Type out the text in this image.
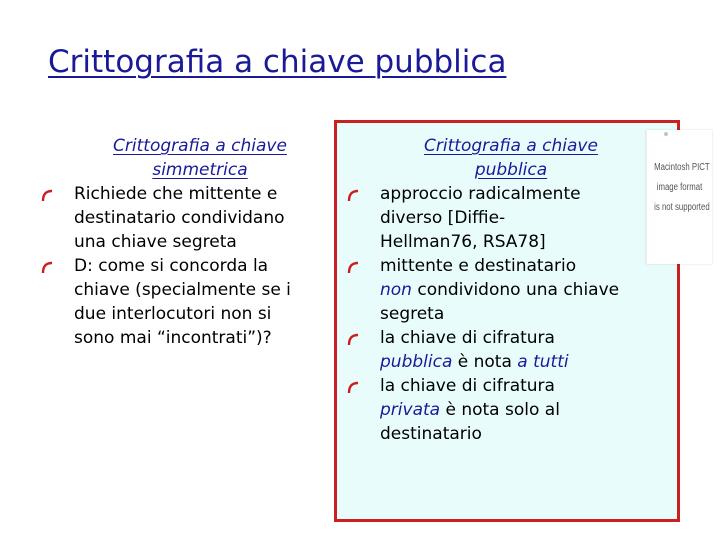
Crittografia a chiave pubblica
Crittografia a chiave
simmetrica
Richiede che mittente e
destinatario condividano
una chiave segreta
D: come si concorda la
chiave (specialmente se i
due interlocutori non si
sono mai “incontrati”)?
Crittografia a chiave
pubblica
approccio radicalmente
diverso [Diffie-
Hellman76, RSA78]
mittente e destinatario
non condividono una chiave
segreta
la chiave di cifratura
pubblica è nota a tutti
la chiave di cifratura
privata è nota solo al
destinatario
Macintosh PICT
image format
is not supported
